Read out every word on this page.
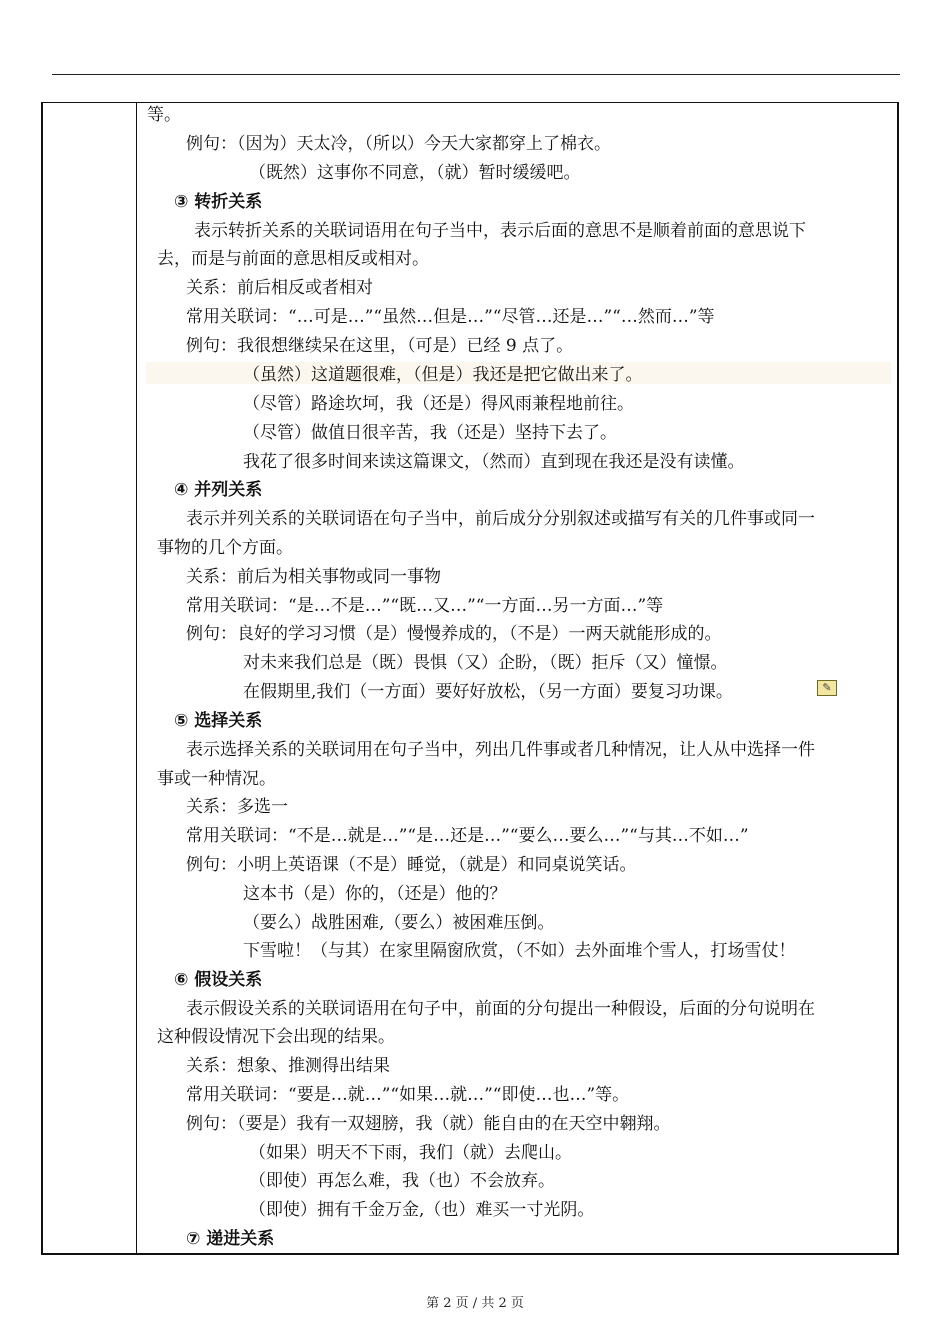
等。
例句：（因为）天太冷，（所以）今天大家都穿上了棉衣。
（既然）这事你不同意，（就）暂时缓缓吧。
③ 转折关系
表示转折关系的关联词语用在句子当中，表示后面的意思不是顺着前面的意思说下
去，而是与前面的意思相反或相对。
关系：前后相反或者相对
常用关联词：“…可是…”“虽然…但是…”“尽管…还是…”“…然而…”等
例句：我很想继续呆在这里，（可是）已经 9 点了。
（虽然）这道题很难，（但是）我还是把它做出来了。
（尽管）路途坎坷，我（还是）得风雨兼程地前往。
（尽管）做值日很辛苦，我（还是）坚持下去了。
我花了很多时间来读这篇课文，（然而）直到现在我还是没有读懂。
④ 并列关系
表示并列关系的关联词语在句子当中，前后成分分别叙述或描写有关的几件事或同一
事物的几个方面。
关系：前后为相关事物或同一事物
常用关联词：“是…不是…”“既…又…”“一方面…另一方面…”等
例句：良好的学习习惯（是）慢慢养成的，（不是）一两天就能形成的。
对未来我们总是（既）畏惧（又）企盼，（既）拒斥（又）憧憬。
在假期里,我们（一方面）要好好放松，（另一方面）要复习功课。
⑤ 选择关系
表示选择关系的关联词用在句子当中，列出几件事或者几种情况，让人从中选择一件
事或一种情况。
关系：多选一
常用关联词：“不是…就是…”“是…还是…”“要么…要么…”“与其…不如…”
例句：小明上英语课（不是）睡觉，（就是）和同桌说笑话。
这本书（是）你的，（还是）他的？
（要么）战胜困难,（要么）被困难压倒。
下雪啦！（与其）在家里隔窗欣赏，（不如）去外面堆个雪人，打场雪仗！
⑥ 假设关系
表示假设关系的关联词语用在句子中，前面的分句提出一种假设，后面的分句说明在
这种假设情况下会出现的结果。
关系：想象、推测得出结果
常用关联词：“要是…就…”“如果…就…”“即使…也…”等。
例句：（要是）我有一双翅膀，我（就）能自由的在天空中翱翔。
（如果）明天不下雨，我们（就）去爬山。
（即使）再怎么难，我（也）不会放弃。
（即使）拥有千金万金,（也）难买一寸光阴。
⑦ 递进关系
✎
第 2 页 / 共 2 页
